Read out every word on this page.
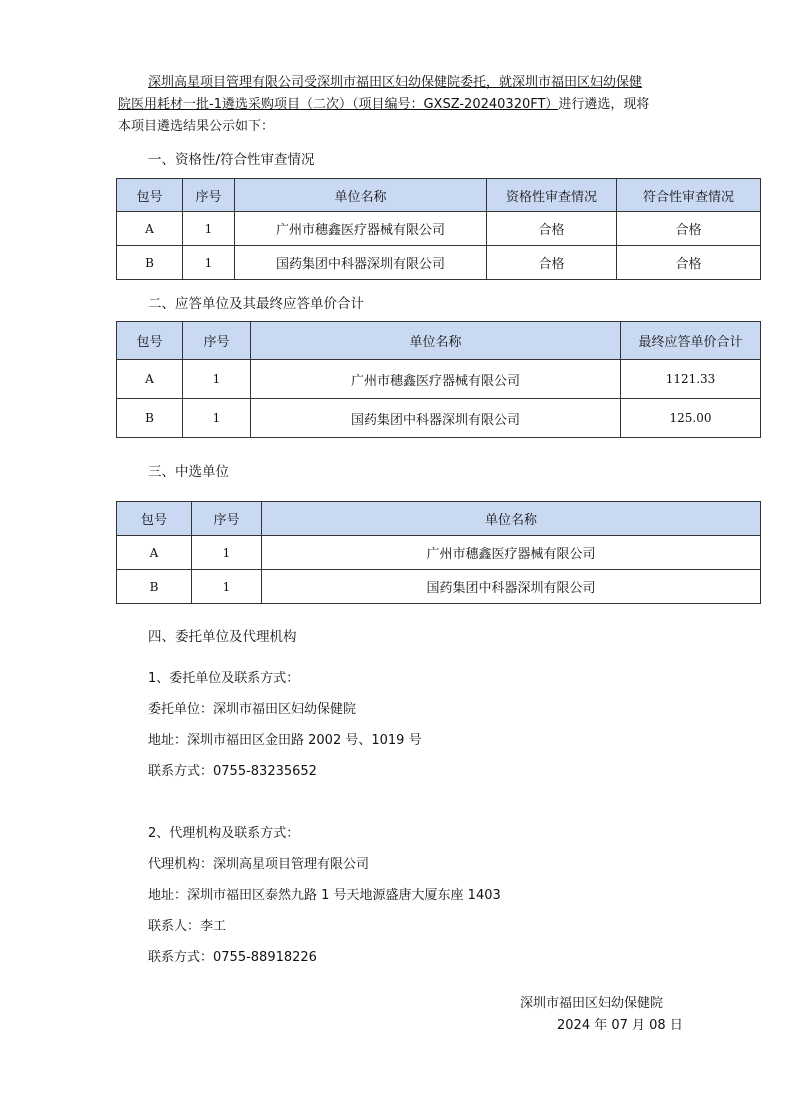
深圳高星项目管理有限公司受深圳市福田区妇幼保健院委托，就深圳市福田区妇幼保健
院医用耗材一批-1遴选采购项目（二次）（项目编号：GXSZ-20240320FT）进行遴选，现将
本项目遴选结果公示如下：
一、资格性/符合性审查情况
包号	序号	单位名称	资格性审查情况	符合性审查情况
A	1	广州市穗鑫医疗器械有限公司	合格	合格
B	1	国药集团中科器深圳有限公司	合格	合格
二、应答单位及其最终应答单价合计
包号	序号	单位名称	最终应答单价合计
A	1	广州市穗鑫医疗器械有限公司	1121.33
B	1	国药集团中科器深圳有限公司	125.00
三、中选单位
包号	序号	单位名称
A	1	广州市穗鑫医疗器械有限公司
B	1	国药集团中科器深圳有限公司
四、委托单位及代理机构
1、委托单位及联系方式：
委托单位：深圳市福田区妇幼保健院
地址：深圳市福田区金田路 2002 号、1019 号
联系方式：0755-83235652
2、代理机构及联系方式：
代理机构：深圳高星项目管理有限公司
地址：深圳市福田区泰然九路 1 号天地源盛唐大厦东座 1403
联系人：李工
联系方式：0755-88918226
深圳市福田区妇幼保健院
2024 年 07 月 08 日
